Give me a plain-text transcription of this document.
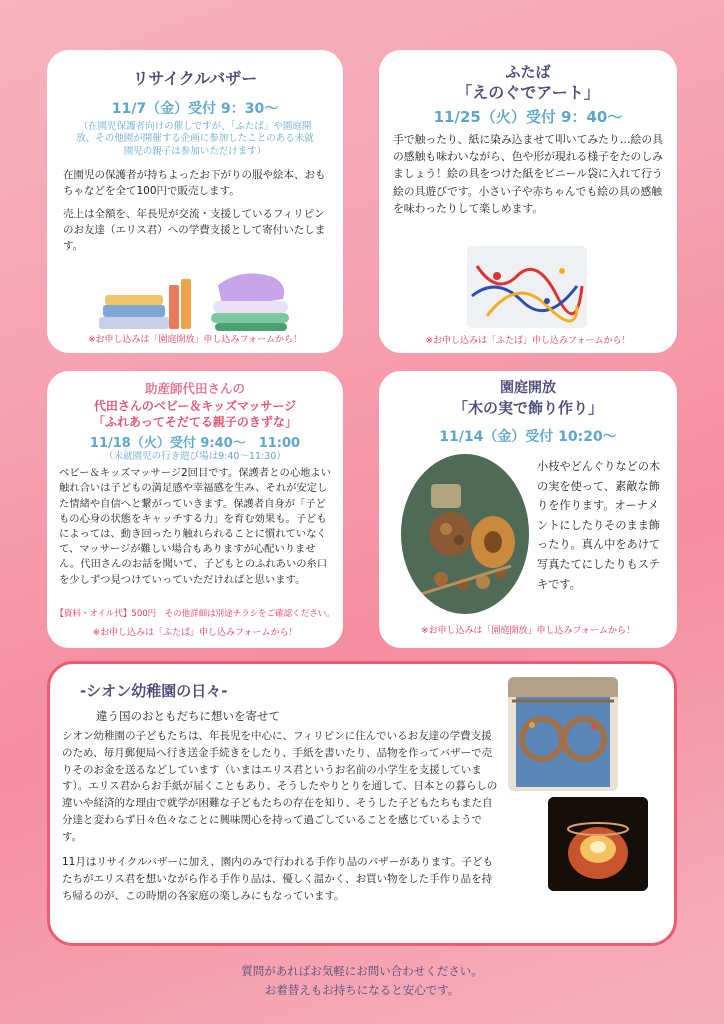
リサイクルバザー
11/7（金）受付 9：30〜
（在園児保護者向けの催しですが、「ふたば」や園庭開放、その他園が開催する企画に参加したことのある未就園児の親子は参加いただけます）
在園児の保護者が持ちよったお下がりの服や絵本、おもちゃなどを全て100円で販売します。
売上は全額を、年長児が交流・支援しているフィリピンのお友達（エリス君）への学費支援として寄付いたします。
※お申し込みは「園庭開放」申し込みフォームから！
ふたば
「えのぐでアート」
11/25（火）受付 9：40〜
手で触ったり、紙に染み込ませて叩いてみたり…絵の具の感触も味わいながら、色や形が現れる様子をたのしみましょう！絵の具をつけた紙をビニール袋に入れて行う絵の具遊びです。小さい子や赤ちゃんでも絵の具の感触を味わったりして楽しめます。
※お申し込みは「ふたば」申し込みフォームから！
助産師代田さんの
代田さんのベビー＆キッズマッサージ
「ふれあってそだてる親子のきずな」
11/18（火）受付 9:40〜　11:00
（未就園児の行き遊び場は9:40〜11:30）
ベビー＆キッズマッサージ2回目です。保護者との心地よい触れ合いは子どもの満足感や幸福感を生み、それが安定した情緒や自信へと繋がっていきます。保護者自身が「子どもの心身の状態をキャッチする力」を育む効果も。子どもによっては、動き回ったり触れられることに慣れていなくて、マッサージが難しい場合もありますが心配いりません。代田さんのお話を聞いて、子どもとのふれあいの糸口を少しずつ見つけていっていただければと思います。
【資料・オイル代】500円　その他詳細は別途チラシをご確認ください。
※お申し込みは「ふたば」申し込みフォームから！
園庭開放
「木の実で飾り作り」
11/14（金）受付 10:20〜
小枝やどんぐりなどの木の実を使って、素敵な飾りを作ります。オーナメントにしたりそのまま飾ったり。真ん中をあけて写真たてにしたりもステキです。
※お申し込みは「園庭開放」申し込みフォームから！
-シオン幼稚園の日々-
違う国のおともだちに想いを寄せて
シオン幼稚園の子どもたちは、年長児を中心に、フィリピンに住んでいるお友達の学費支援のため、毎月郵便局へ行き送金手続きをしたり、手紙を書いたり、品物を作ってバザーで売りそのお金を送るなどしています（いまはエリス君というお名前の小学生を支援しています）。エリス君からお手紙が届くこともあり、そうしたやりとりを通して、日本との暮らしの違いや経済的な理由で就学が困難な子どもたちの存在を知り、そうした子どもたちもまた自分達と変わらず日々色々なことに興味関心を持って過ごしていることを感じているようです。
11月はリサイクルバザーに加え、園内のみで行われる手作り品のバザーがあります。子どもたちがエリス君を想いながら作る手作り品は、優しく温かく、お買い物をした手作り品を持ち帰るのが、この時期の各家庭の楽しみにもなっています。
質問があればお気軽にお問い合わせください。
お着替えもお持ちになると安心です。
